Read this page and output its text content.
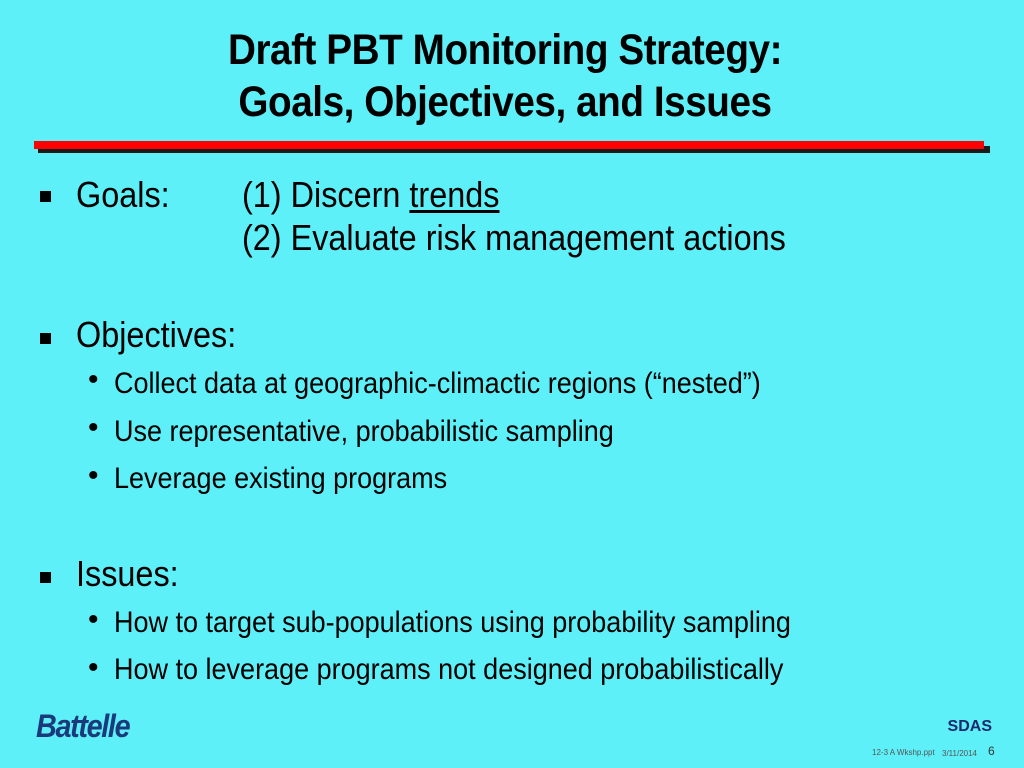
Draft PBT Monitoring Strategy:
Goals, Objectives, and Issues
Goals: (1) Discern trends
(2) Evaluate risk management actions
Objectives:
• Collect data at geographic-climactic regions (“nested”)
• Use representative, probabilistic sampling
• Leverage existing programs
Issues:
• How to target sub-populations using probability sampling
• How to leverage programs not designed probabilistically
Battelle	SDAS
12-3 A Wkshp.ppt 3/11/2014 6
